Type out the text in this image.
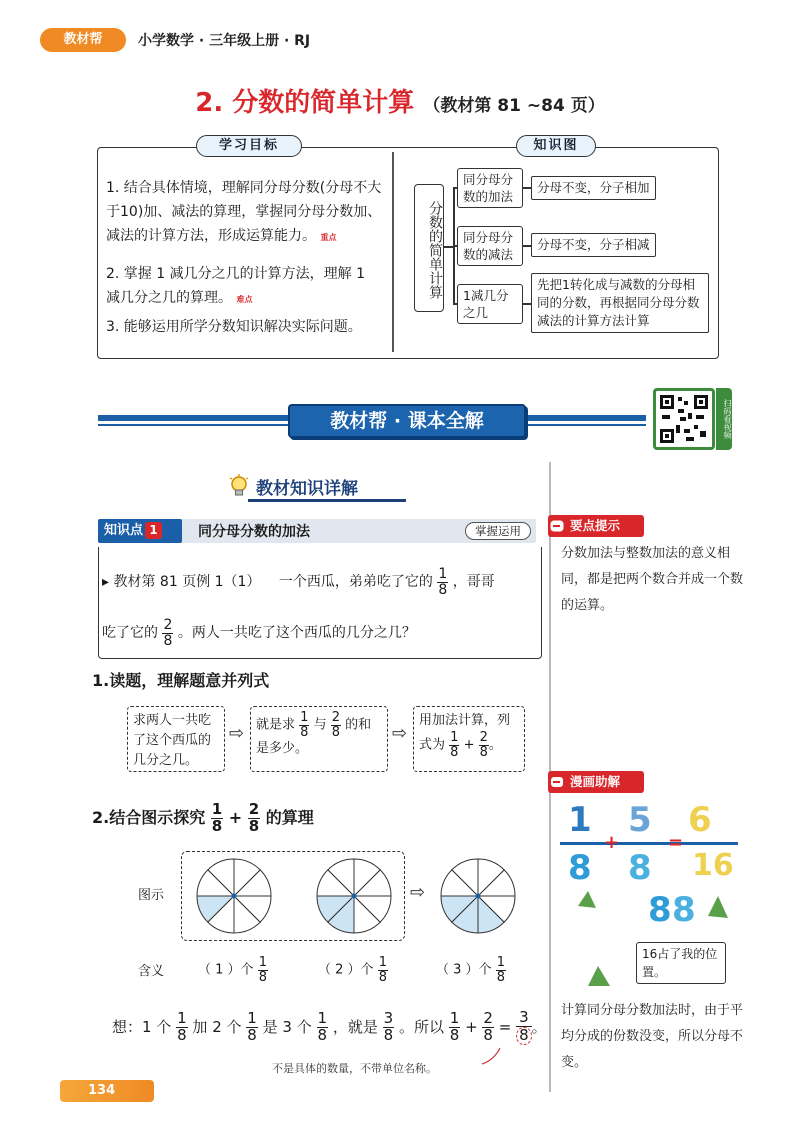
教材帮	小学数学 · 三年级上册 · RJ
2. 分数的简单计算 （教材第 81 ~84 页）
学习目标	知识图
1. 结合具体情境，理解同分母分数(分母不大于10)加、减法的算理，掌握同分母分数加、减法的计算方法，形成运算能力。 重点
2. 掌握 1 减几分之几的计算方法，理解 1 减几分之几的算理。 难点
3. 能够运用所学分数知识解决实际问题。
分数的简单计算
同分母分数的加法
分母不变，分子相加
同分母分数的减法
分母不变，分子相减
1减几分之几
先把1转化成与减数的分母相同的分数，再根据同分母分数减法的计算方法计算
教材帮 · 课本全解	扫码看视频
教材知识详解
知识点 1	同分母分数的加法	掌握运用
▸ 教材第 81 页例 1（1） 一个西瓜，弟弟吃了它的 $\frac{1}{8}$ ，哥哥
吃了它的 $\frac{2}{8}$ 。两人一共吃了这个西瓜的几分之几？
1.读题，理解题意并列式
求两人一共吃了这个西瓜的几分之几。
⇨ 就是求 $\frac{1}{8}$ 与 $\frac{2}{8}$ 的和是多少。
⇨
用加法计算，列式为 $\frac{1}{8} + \frac{2}{8}$ 。
2.结合图示探究 $\frac{1}{8} + \frac{2}{8}$ 的算理
图示	⇨
含义	（ 1 ）个 $\frac{1}{8}$	（ 2 ）个 $\frac{1}{8}$	（ 3 ）个 $\frac{1}{8}$
想：1 个 $\frac{1}{8}$ 加 2 个 $\frac{1}{8}$ 是 3 个 $\frac{1}{8}$ ，就是 $\frac{3}{8}$ 。所以 $\frac{1}{8} + \frac{2}{8} = \frac{3}{8}$ 。
不是具体的数量，不带单位名称。
要点提示
分数加法与整数加法的意义相同，都是把两个数合并成一个数的运算。
漫画助解
1 5 6
+	=
8 8 16
8 8
16占了我的位置。
计算同分母分数加法时，由于平均分成的份数没变，所以分母不变。
134
